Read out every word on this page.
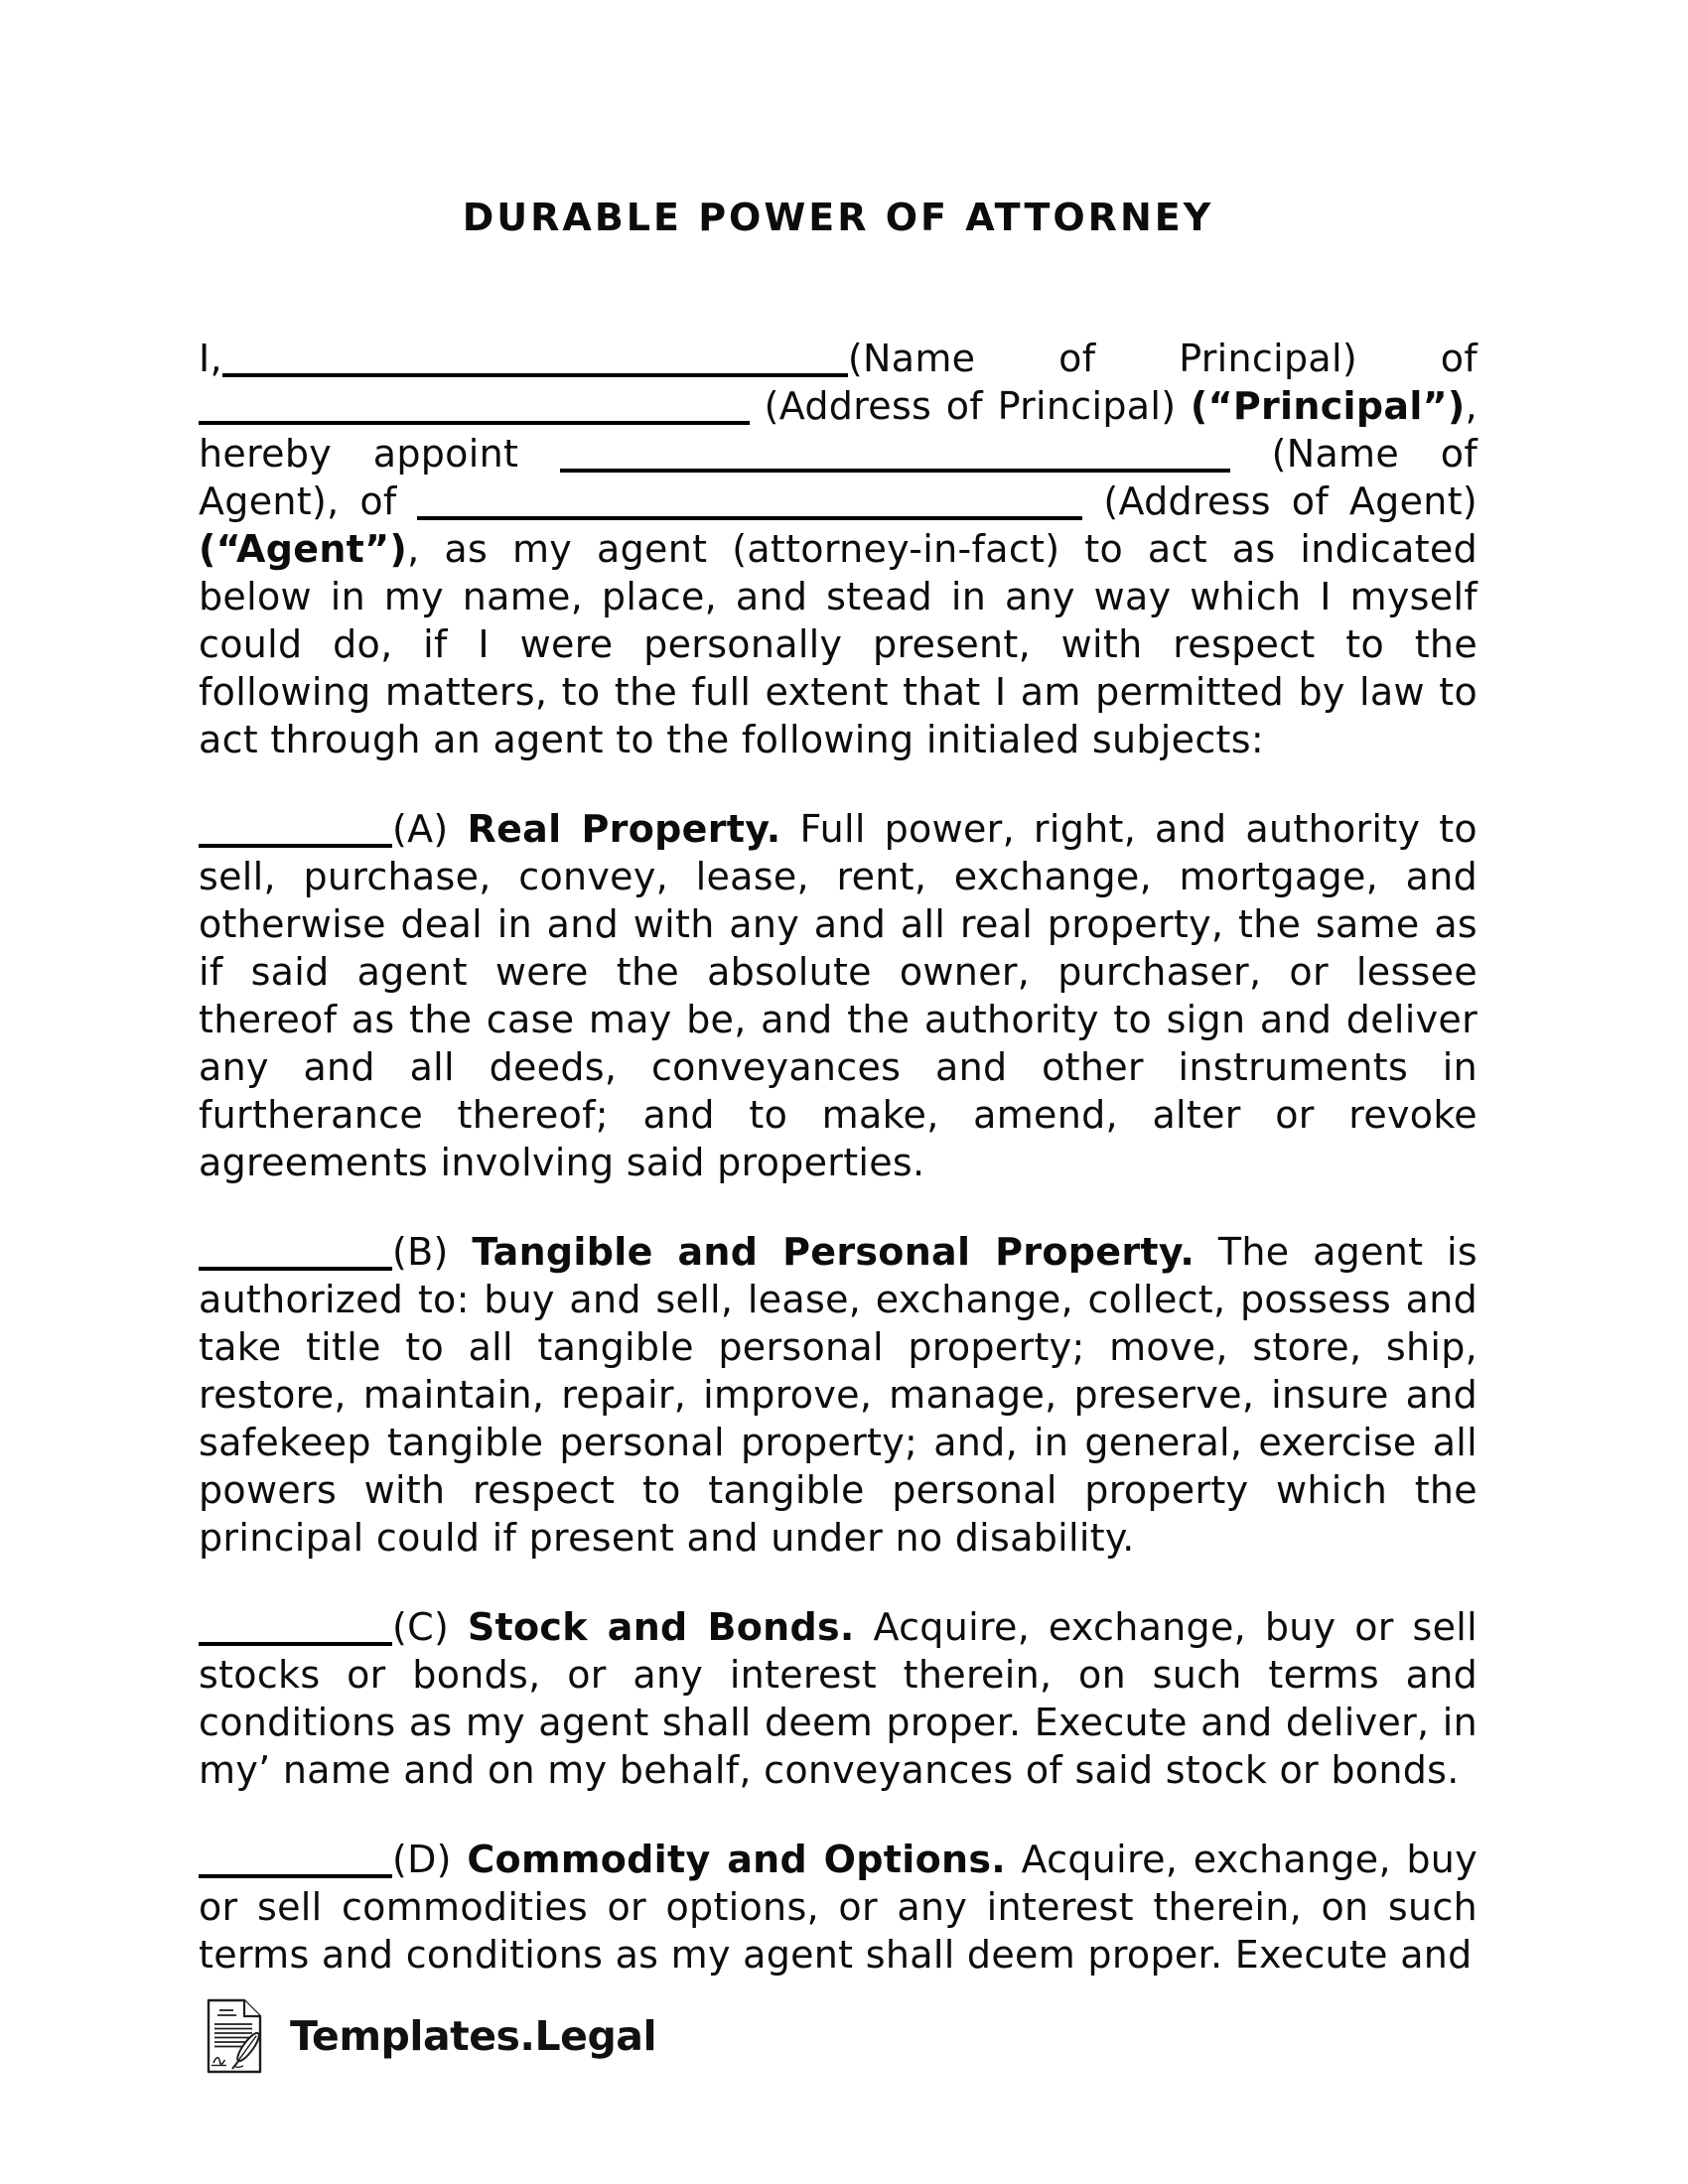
DURABLE POWER OF ATTORNEY

I,	(Name of Principal) of  (Address of Principal) (“Principal”), hereby appoint	(Name of Agent), of	(Address of Agent) (“Agent”), as my agent (attorney-in-fact) to act as indicated below in my name, place, and stead in any way which I myself could do, if I were personally present, with respect to the following matters, to the full extent that I am permitted by law to act through an agent to the following initialed subjects:

(A) Real Property. Full power, right, and authority to sell, purchase, convey, lease, rent, exchange, mortgage, and otherwise deal in and with any and all real property, the same as if said agent were the absolute owner, purchaser, or lessee thereof as the case may be, and the authority to sign and deliver any and all deeds, conveyances and other instruments in furtherance thereof; and to make, amend, alter or revoke agreements involving said properties.

(B) Tangible and Personal Property. The agent is authorized to: buy and sell, lease, exchange, collect, possess and take title to all tangible personal property; move, store, ship, restore, maintain, repair, improve, manage, preserve, insure and safekeep tangible personal property; and, in general, exercise all powers with respect to tangible personal property which the principal could if present and under no disability.

(C) Stock and Bonds. Acquire, exchange, buy or sell stocks or bonds, or any interest therein, on such terms and conditions as my agent shall deem proper. Execute and deliver, in my’ name and on my behalf, conveyances of said stock or bonds.

(D) Commodity and Options. Acquire, exchange, buy or sell commodities or options, or any interest therein, on such terms and conditions as my agent shall deem proper. Execute and

Templates.Legal
